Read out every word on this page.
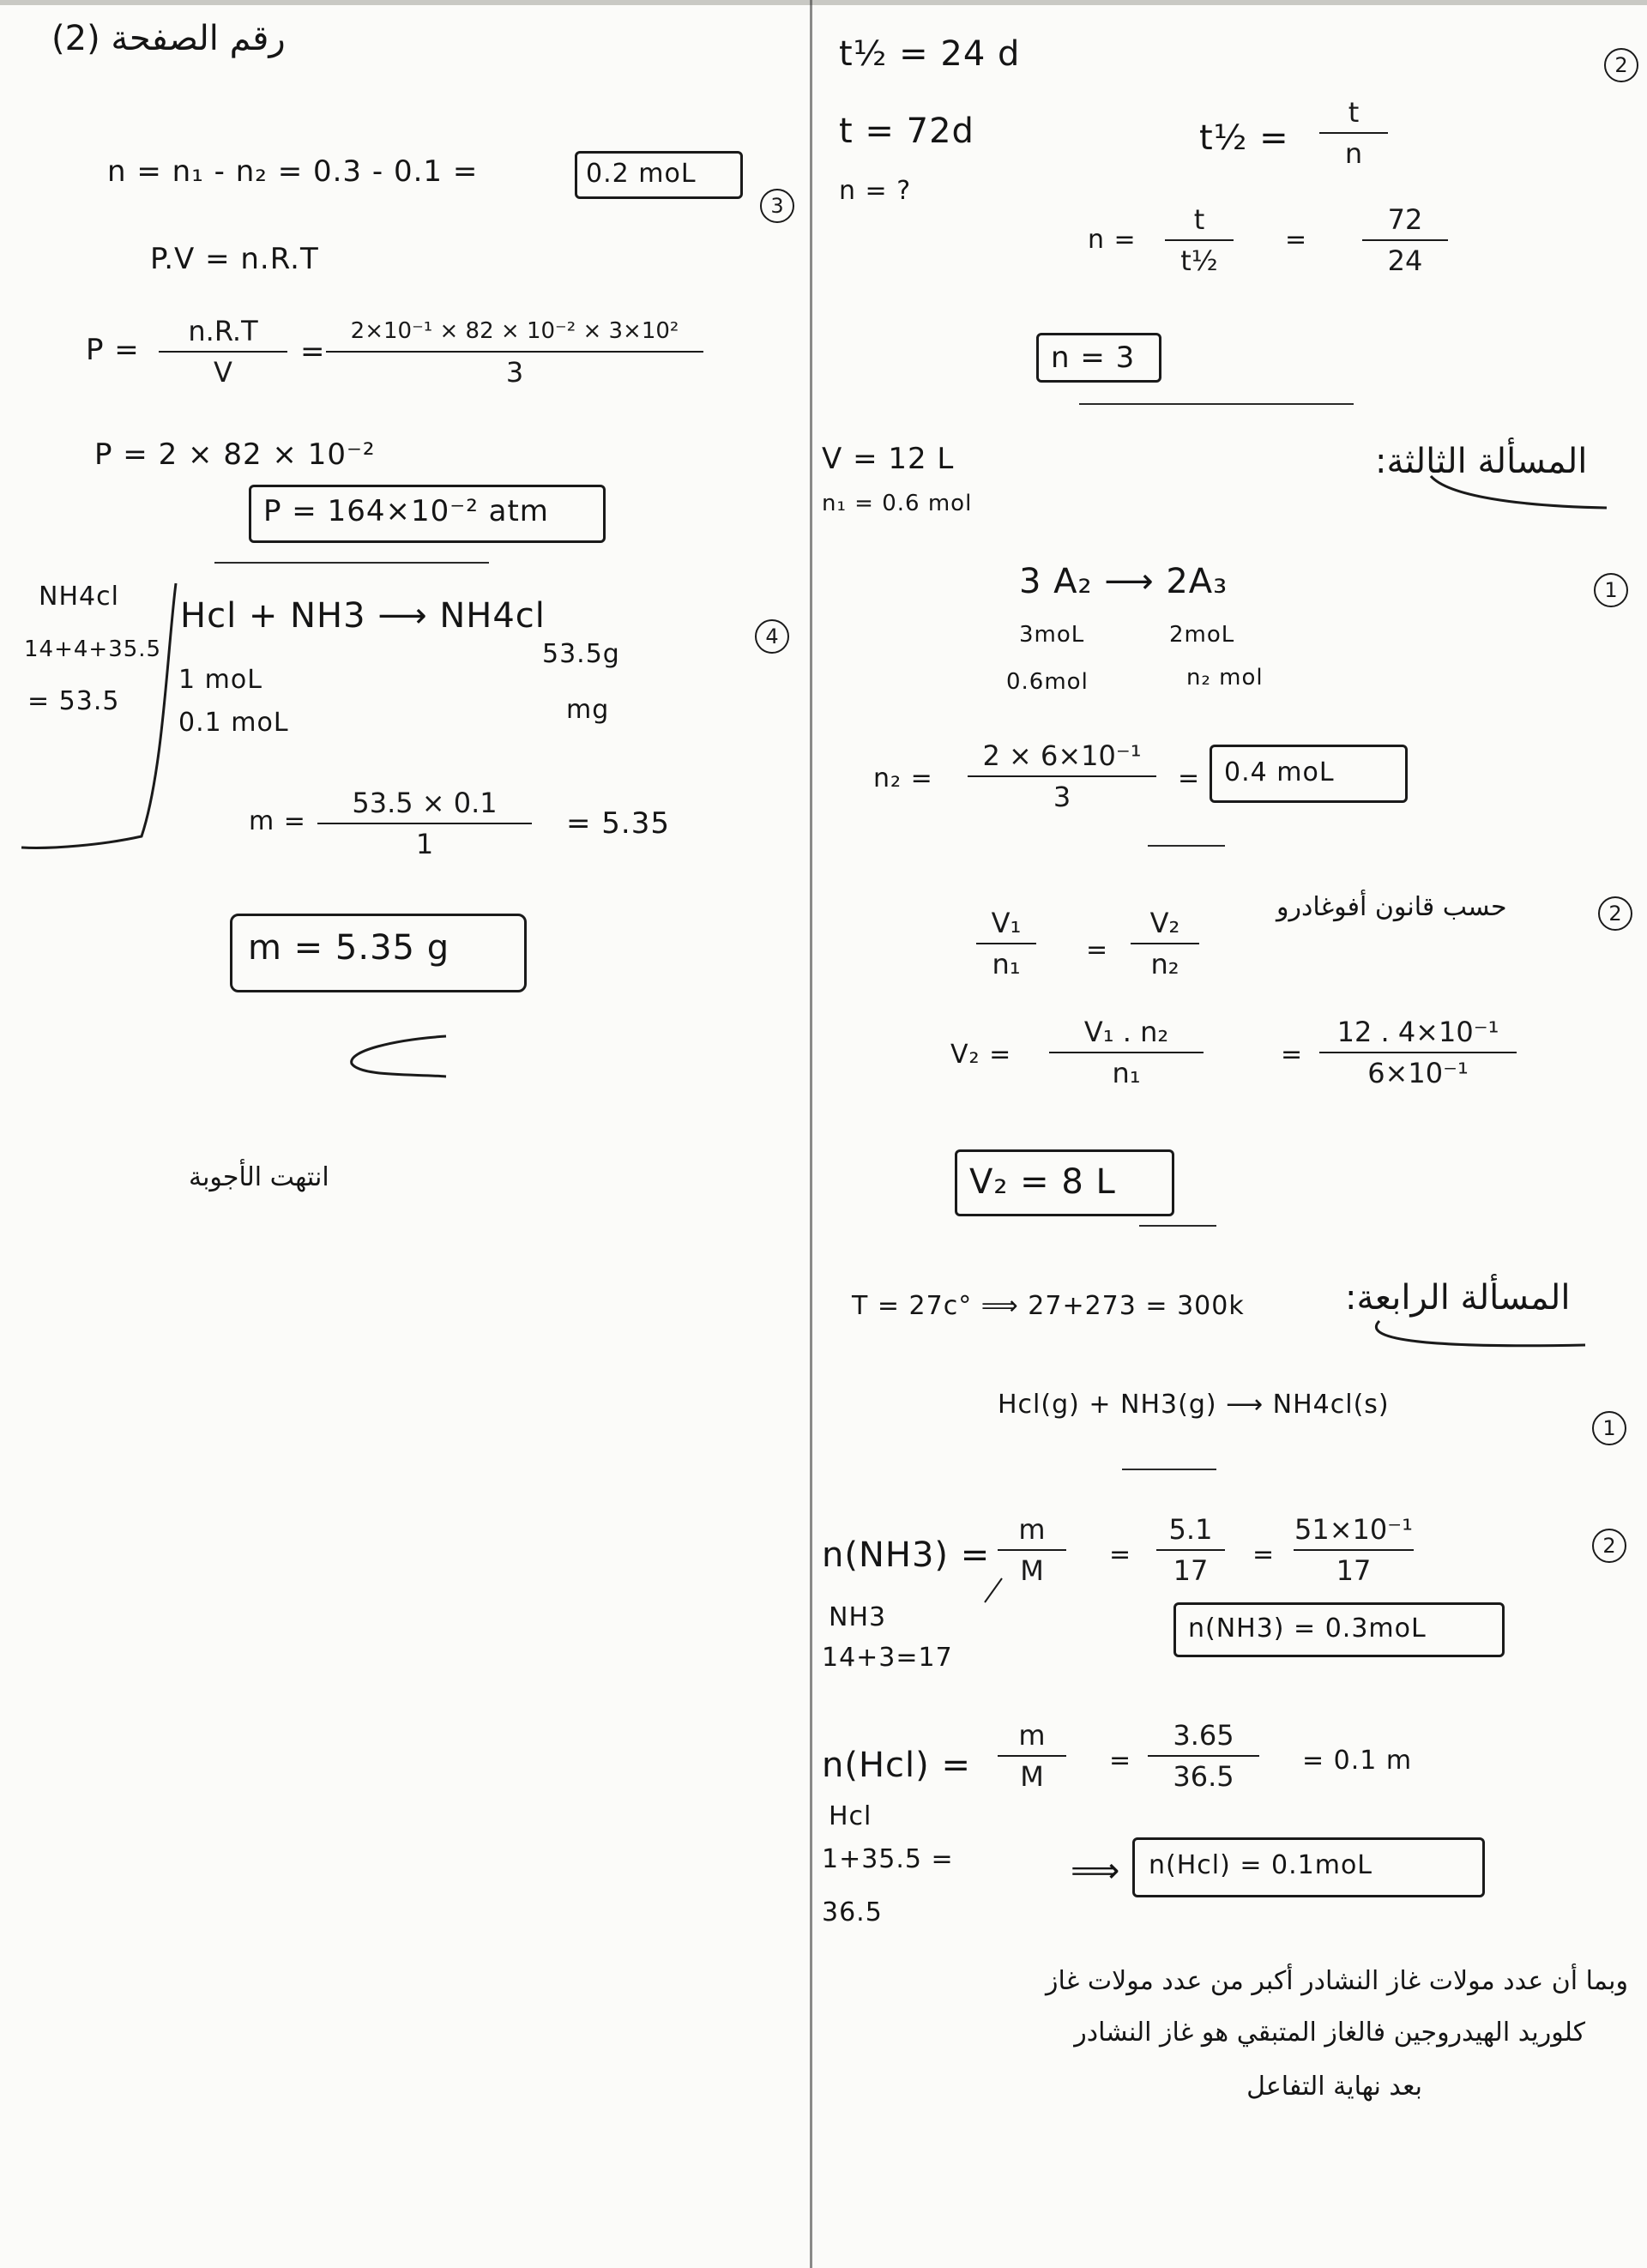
رقم الصفحة (2)
n = n₁ - n₂ = 0.3 - 0.1 =	0.2 moL
3
P.V = n.R.T
P =
n.R.T
V
=
2×10⁻¹ × 82 × 10⁻² × 3×10²
3
P = 2 × 82 × 10⁻²
P = 164×10⁻² atm
NH4cl
14+4+35.5
= 53.5
Hcl + NH3 ⟶ NH4cl
53.5g
mg
1 moL
0.1 moL
4
m =
53.5 × 0.1
1
= 5.35
m = 5.35 g
انتهت الأجوبة
2
t½ = 24 d
t = 72d
n = ?
t½ =
t
n
n =
t
t½
=
72
24
n = 3
المسألة الثالثة:
V = 12 L
n₁ = 0.6 mol
1
3 A₂ ⟶ 2A₃
3moL	2moL
0.6mol	n₂ mol
n₂ =
2 × 6×10⁻¹
3
= 0.4 moL
2
حسب قانون أفوغادرو
V₁
n₁	=
V₂
n₂
V₂ =
V₁ . n₂
n₁
=
12 . 4×10⁻¹
6×10⁻¹
V₂ = 8 L
المسألة الرابعة:
T = 27c° ⟹ 27+273 = 300k
1
Hcl(g) + NH3(g) ⟶ NH4cl(s)
2
n(NH3) =
m
M	=
5.1
17	=
51×10⁻¹
17
NH3
14+3=17
n(NH3) = 0.3moL
n(Hcl) =
m
M	=
3.65
36.5	= 0.1 m
Hcl
1+35.5 =
36.5
⟹ n(Hcl) = 0.1moL
وبما أن عدد مولات غاز النشادر أكبر من عدد مولات غاز
كلوريد الهيدروجين فالغاز المتبقي هو غاز النشادر
بعد نهاية التفاعل
